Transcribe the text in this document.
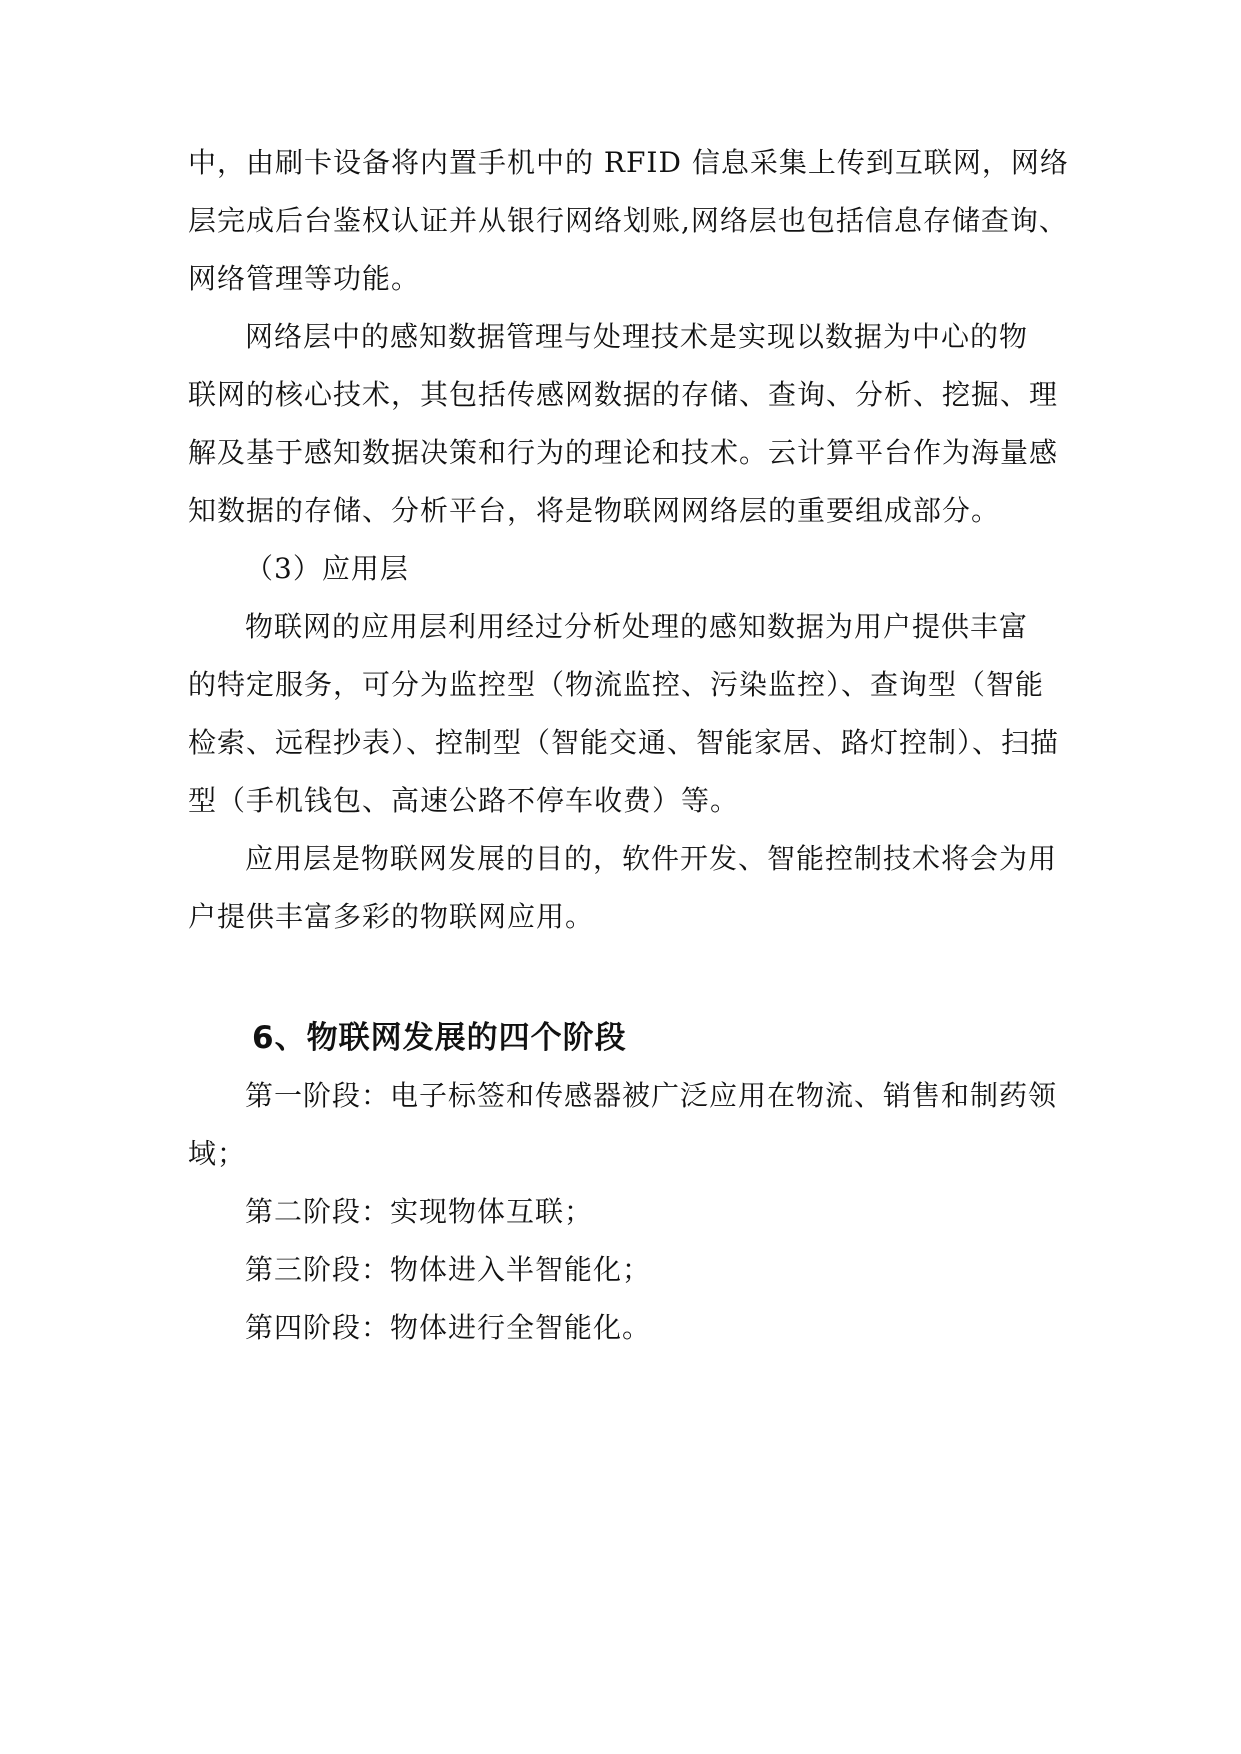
中，由刷卡设备将内置手机中的 RFID 信息采集上传到互联网，网络
层完成后台鉴权认证并从银行网络划账,网络层也包括信息存储查询、
网络管理等功能。
网络层中的感知数据管理与处理技术是实现以数据为中心的物
联网的核心技术，其包括传感网数据的存储、查询、分析、挖掘、理
解及基于感知数据决策和行为的理论和技术。云计算平台作为海量感
知数据的存储、分析平台，将是物联网网络层的重要组成部分。
（3）应用层
物联网的应用层利用经过分析处理的感知数据为用户提供丰富
的特定服务，可分为监控型（物流监控、污染监控）、查询型（智能
检索、远程抄表）、控制型（智能交通、智能家居、路灯控制）、扫描
型（手机钱包、高速公路不停车收费）等。
应用层是物联网发展的目的，软件开发、智能控制技术将会为用
户提供丰富多彩的物联网应用。
6、物联网发展的四个阶段
第一阶段：电子标签和传感器被广泛应用在物流、销售和制药领
域；
第二阶段：实现物体互联；
第三阶段：物体进入半智能化；
第四阶段：物体进行全智能化。
